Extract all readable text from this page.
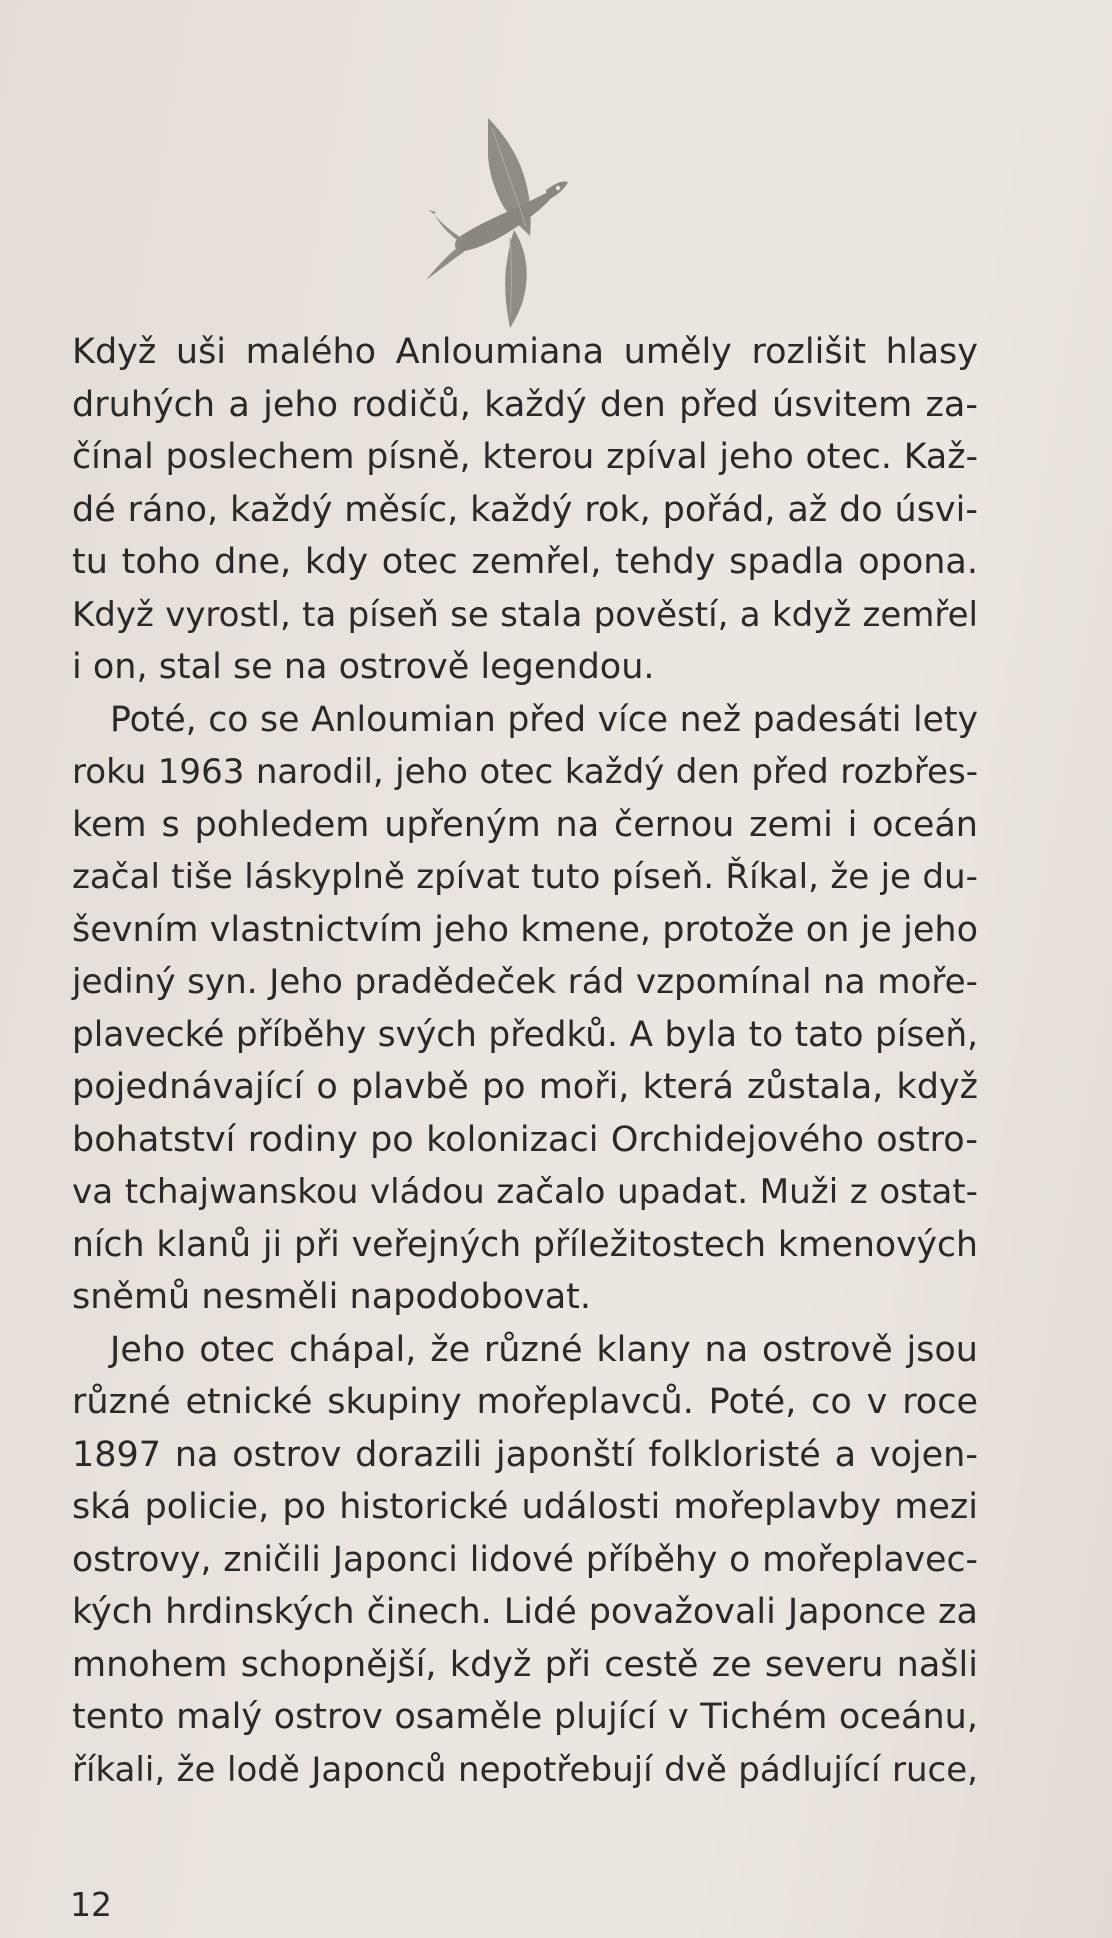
Když uši malého Anloumiana uměly rozlišit hlasy
druhých a jeho rodičů, každý den před úsvitem za-
čínal poslechem písně, kterou zpíval jeho otec. Kaž-
dé ráno, každý měsíc, každý rok, pořád, až do úsvi-
tu toho dne, kdy otec zemřel, tehdy spadla opona.
Když vyrostl, ta píseň se stala pověstí, a když zemřel
i on, stal se na ostrově legendou.
Poté, co se Anloumian před více než padesáti lety
roku 1963 narodil, jeho otec každý den před rozbřes-
kem s pohledem upřeným na černou zemi i oceán
začal tiše láskyplně zpívat tuto píseň. Říkal, že je du-
ševním vlastnictvím jeho kmene, protože on je jeho
jediný syn. Jeho pradědeček rád vzpomínal na moře-
plavecké příběhy svých předků. A byla to tato píseň,
pojednávající o plavbě po moři, která zůstala, když
bohatství rodiny po kolonizaci Orchidejového ostro-
va tchajwanskou vládou začalo upadat. Muži z ostat-
ních klanů ji při veřejných příležitostech kmenových
sněmů nesměli napodobovat.
Jeho otec chápal, že různé klany na ostrově jsou
různé etnické skupiny mořeplavců. Poté, co v roce
1897 na ostrov dorazili japonští folkloristé a vojen-
ská policie, po historické události mořeplavby mezi
ostrovy, zničili Japonci lidové příběhy o mořeplavec-
kých hrdinských činech. Lidé považovali Japonce za
mnohem schopnější, když při cestě ze severu našli
tento malý ostrov osaměle plující v Tichém oceánu,
říkali, že lodě Japonců nepotřebují dvě pádlující ruce,
12
